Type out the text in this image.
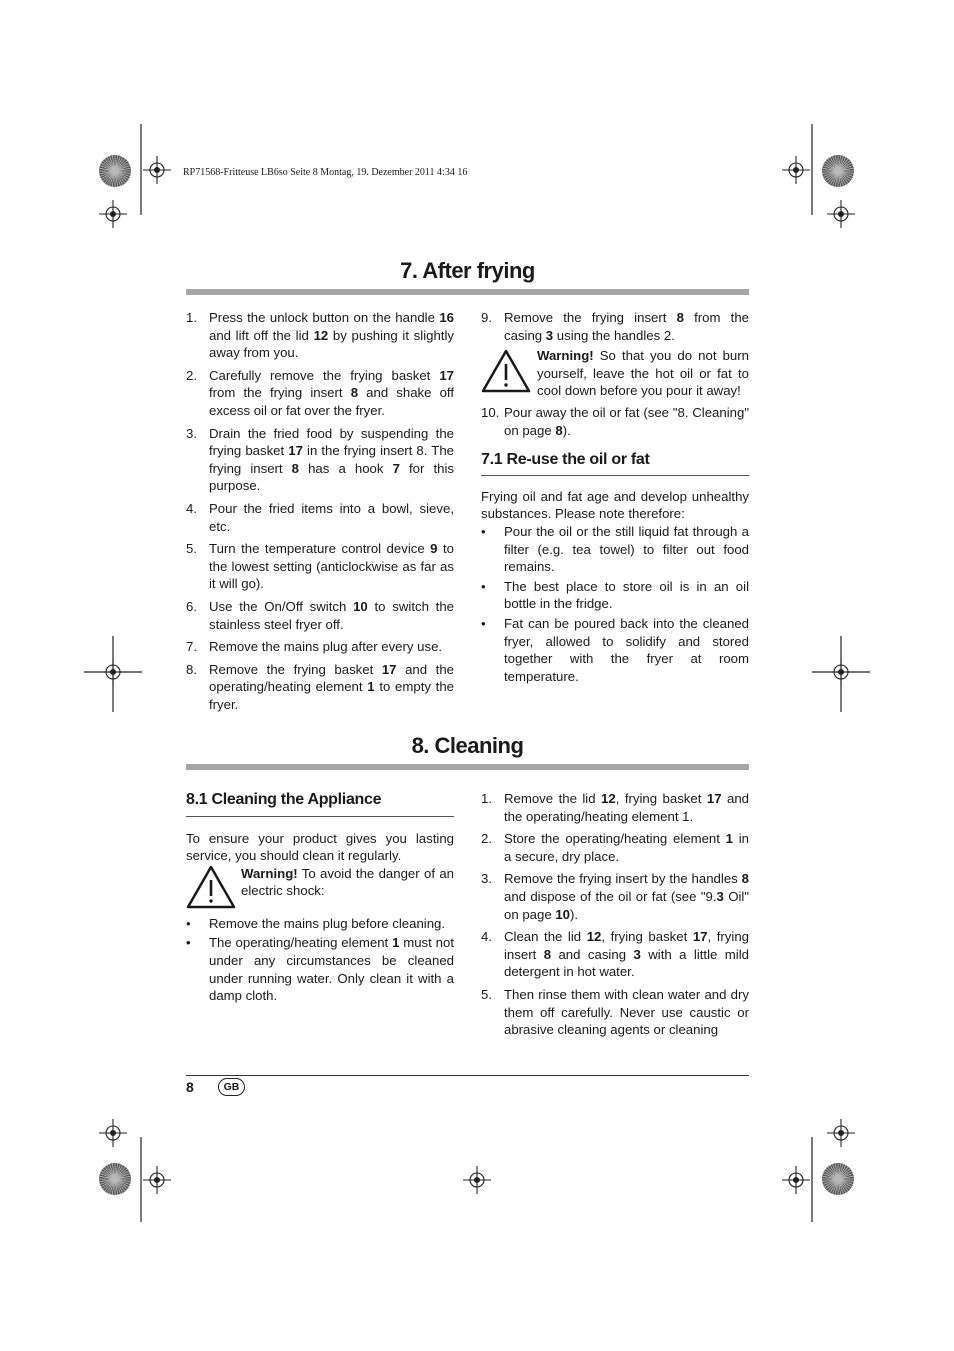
RP71568-Fritteuse LB6so Seite 8 Montag, 19. Dezember 2011 4:34 16
7. After frying
1. Press the unlock button on the handle 16 and lift off the lid 12 by pushing it slightly away from you.
2. Carefully remove the frying basket 17 from the frying insert 8 and shake off excess oil or fat over the fryer.
3. Drain the fried food by suspending the frying basket 17 in the frying insert 8. The frying insert 8 has a hook 7 for this purpose.
4. Pour the fried items into a bowl, sieve, etc.
5. Turn the temperature control device 9 to the lowest setting (anticlockwise as far as it will go).
6. Use the On/Off switch 10 to switch the stainless steel fryer off.
7. Remove the mains plug after every use.
8. Remove the frying basket 17 and the operating/heating element 1 to empty the fryer.
9. Remove the frying insert 8 from the casing 3 using the handles 2.

Warning! So that you do not burn yourself, leave the hot oil or fat to cool down before you pour it away!

10. Pour away the oil or fat (see "8. Cleaning" on page 8).
7.1 Re-use the oil or fat

Frying oil and fat age and develop unhealthy substances. Please note therefore:

• Pour the oil or the still liquid fat through a filter (e.g. tea towel) to filter out food remains.
• The best place to store oil is in an oil bottle in the fridge.
• Fat can be poured back into the cleaned fryer, allowed to solidify and stored together with the fryer at room temperature.
8. Cleaning
8.1 Cleaning the Appliance

To ensure your product gives you lasting service, you should clean it regularly.

Warning! To avoid the danger of an electric shock:

• Remove the mains plug before cleaning.
• The operating/heating element 1 must not under any circumstances be cleaned under running water. Only clean it with a damp cloth.
1. Remove the lid 12, frying basket 17 and the operating/heating element 1.
2. Store the operating/heating element 1 in a secure, dry place.
3. Remove the frying insert by the handles 8 and dispose of the oil or fat (see "9.3 Oil" on page 10).
4. Clean the lid 12, frying basket 17, frying insert 8 and casing 3 with a little mild detergent in hot water.
5. Then rinse them with clean water and dry them off carefully. Never use caustic or abrasive cleaning agents or cleaning
8	GB
